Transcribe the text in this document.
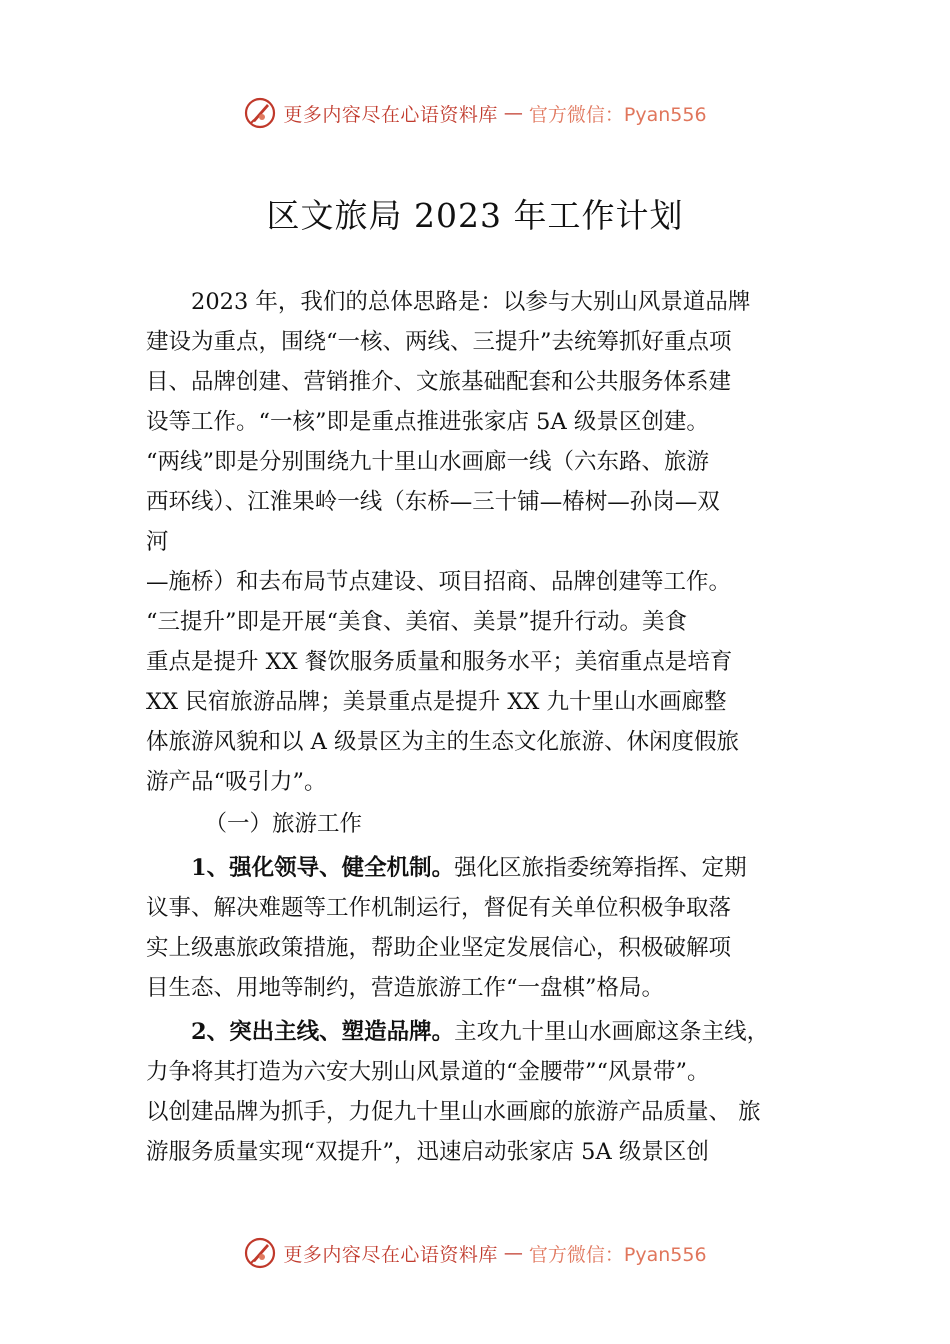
更多内容尽在心语资料库 — 官方微信：Pyan556
区文旅局 2023 年工作计划

2023 年，我们的总体思路是：以参与大别山风景道品牌

建设为重点，围绕“一核、两线、三提升”去统筹抓好重点项

目、品牌创建、营销推介、文旅基础配套和公共服务体系建

设等工作。“一核”即是重点推进张家店 5A 级景区创建。

“两线”即是分别围绕九十里山水画廊一线（六东路、旅游

西环线）、江淮果岭一线（东桥—三十铺—椿树—孙岗—双

河

—施桥）和去布局节点建设、项目招商、品牌创建等工作。

“三提升”即是开展“美食、美宿、美景”提升行动。美食

重点是提升 XX 餐饮服务质量和服务水平；美宿重点是培育

XX 民宿旅游品牌；美景重点是提升 XX 九十里山水画廊整

体旅游风貌和以 A 级景区为主的生态文化旅游、休闲度假旅

游产品“吸引力”。

（一）旅游工作

1、强化领导、健全机制。强化区旅指委统筹指挥、定期

议事、解决难题等工作机制运行，督促有关单位积极争取落

实上级惠旅政策措施，帮助企业坚定发展信心，积极破解项

目生态、用地等制约，营造旅游工作“一盘棋”格局。

2、突出主线、塑造品牌。主攻九十里山水画廊这条主线，

力争将其打造为六安大别山风景道的“金腰带”“风景带”。

以创建品牌为抓手，力促九十里山水画廊的旅游产品质量、 旅

游服务质量实现“双提升”，迅速启动张家店 5A 级景区创

更多内容尽在心语资料库 — 官方微信：Pyan556
